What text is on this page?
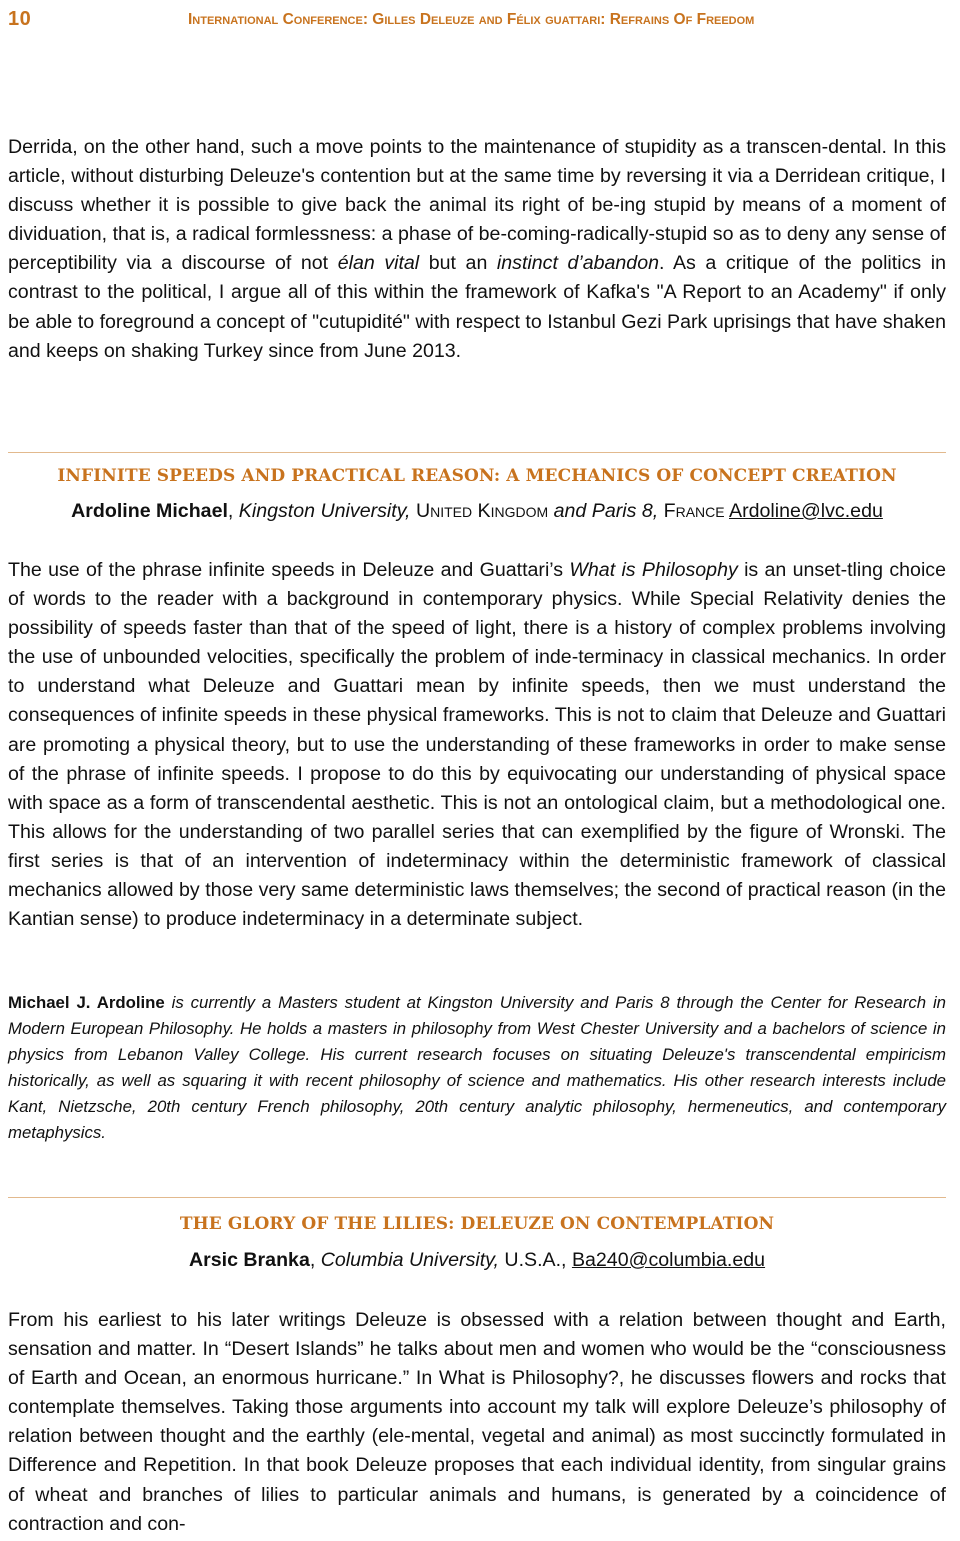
10	International Conference: Gilles Deleuze and Félix guattari: Refrains Of Freedom

Derrida, on the other hand, such a move points to the maintenance of stupidity as a transcen-dental. In this article, without disturbing Deleuze's contention but at the same time by reversing it via a Derridean critique, I discuss whether it is possible to give back the animal its right of be-ing stupid by means of a moment of dividuation, that is, a radical formlessness: a phase of be-coming-radically-stupid so as to deny any sense of perceptibility via a discourse of not élan vital but an instinct d’abandon. As a critique of the politics in contrast to the political, I argue all of this within the framework of Kafka's "A Report to an Academy" if only be able to foreground a concept of "cutupidité" with respect to Istanbul Gezi Park uprisings that have shaken and keeps on shaking Turkey since from June 2013.

INFINITE SPEEDS AND PRACTICAL REASON: A MECHANICS OF CONCEPT CREATION
Ardoline Michael, Kingston University, United Kingdom and Paris 8, France Ardoline@lvc.edu

The use of the phrase infinite speeds in Deleuze and Guattari’s What is Philosophy is an unset-tling choice of words to the reader with a background in contemporary physics. While Special Relativity denies the possibility of speeds faster than that of the speed of light, there is a history of complex problems involving the use of unbounded velocities, specifically the problem of inde-terminacy in classical mechanics. In order to understand what Deleuze and Guattari mean by infinite speeds, then we must understand the consequences of infinite speeds in these physical frameworks. This is not to claim that Deleuze and Guattari are promoting a physical theory, but to use the understanding of these frameworks in order to make sense of the phrase of infinite speeds. I propose to do this by equivocating our understanding of physical space with space as a form of transcendental aesthetic. This is not an ontological claim, but a methodological one. This allows for the understanding of two parallel series that can exemplified by the figure of Wronski. The first series is that of an intervention of indeterminacy within the deterministic framework of classical mechanics allowed by those very same deterministic laws themselves; the second of practical reason (in the Kantian sense) to produce indeterminacy in a determinate subject.

Michael J. Ardoline is currently a Masters student at Kingston University and Paris 8 through the Center for Research in Modern European Philosophy. He holds a masters in philosophy from West Chester University and a bachelors of science in physics from Lebanon Valley College. His current research focuses on situating Deleuze's transcendental empiricism historically, as well as squaring it with recent philosophy of science and mathematics. His other research interests include Kant, Nietzsche, 20th century French philosophy, 20th century analytic philosophy, hermeneutics, and contemporary metaphysics.

THE GLORY OF THE LILIES: DELEUZE ON CONTEMPLATION
Arsic Branka, Columbia University, U.S.A., Ba240@columbia.edu

From his earliest to his later writings Deleuze is obsessed with a relation between thought and Earth, sensation and matter. In “Desert Islands” he talks about men and women who would be the “consciousness of Earth and Ocean, an enormous hurricane.” In What is Philosophy?, he discusses flowers and rocks that contemplate themselves. Taking those arguments into account my talk will explore Deleuze’s philosophy of relation between thought and the earthly (ele-mental, vegetal and animal) as most succinctly formulated in Difference and Repetition. In that book Deleuze proposes that each individual identity, from singular grains of wheat and branches of lilies to particular animals and humans, is generated by a coincidence of contraction and con-
